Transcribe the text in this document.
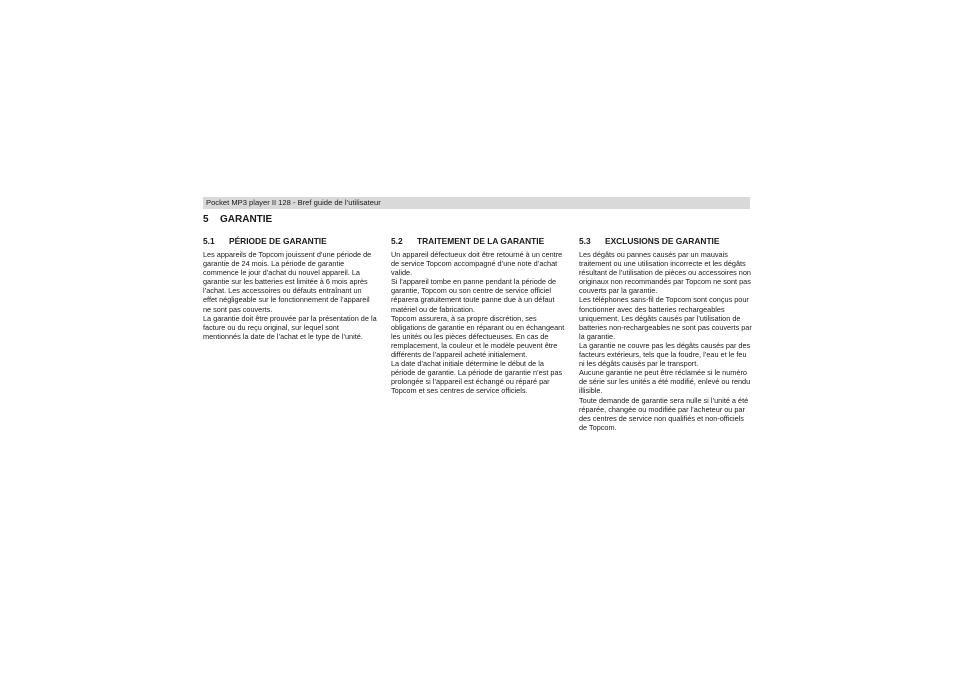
Pocket MP3 player II 128 - Bref guide de l’utilisateur
5 GARANTIE
5.1 PÉRIODE DE GARANTIE

Les appareils de Topcom jouissent d’une période de garantie de 24 mois. La période de garantie commence le jour d’achat du nouvel appareil. La garantie sur les batteries est limitée à 6 mois après l’achat. Les accessoires ou défauts entraînant un effet négligeable sur le fonctionnement de l’appareil ne sont pas couverts.

La garantie doit être prouvée par la présentation de la facture ou du reçu original, sur lequel sont mentionnés la date de l’achat et le type de l’unité.

5.2 TRAITEMENT DE LA GARANTIE

Un appareil défectueux doit être retourné à un centre de service Topcom accompagné d’une note d’achat valide.

Si l’appareil tombe en panne pendant la période de garantie, Topcom ou son centre de service officiel réparera gratuitement toute panne due à un défaut matériel ou de fabrication.

Topcom assurera, à sa propre discrétion, ses obligations de garantie en réparant ou en échangeant les unités ou les pièces défectueuses. En cas de remplacement, la couleur et le modèle peuvent être différents de l’appareil acheté initialement.

La date d’achat initiale détermine le début de la période de garantie. La période de garantie n’est pas prolongée si l’appareil est échangé ou réparé par Topcom et ses centres de service officiels.

5.3 EXCLUSIONS DE GARANTIE

Les dégâts ou pannes causés par un mauvais traitement ou une utilisation incorrecte et les dégâts résultant de l’utilisation de pièces ou accessoires non originaux non recommandés par Topcom ne sont pas couverts par la garantie.

Les téléphones sans-fil de Topcom sont conçus pour fonctionner avec des batteries rechargeables uniquement. Les dégâts causés par l’utilisation de batteries non-rechargeables ne sont pas couverts par la garantie.

La garantie ne couvre pas les dégâts causés par des facteurs extérieurs, tels que la foudre, l’eau et le feu ni les dégâts causés par le transport.

Aucune garantie ne peut être réclamée si le numéro de série sur les unités a été modifié, enlevé ou rendu illisible.

Toute demande de garantie sera nulle si l’unité a été réparée, changée ou modifiée par l’acheteur ou par des centres de service non qualifiés et non-officiels de Topcom.
